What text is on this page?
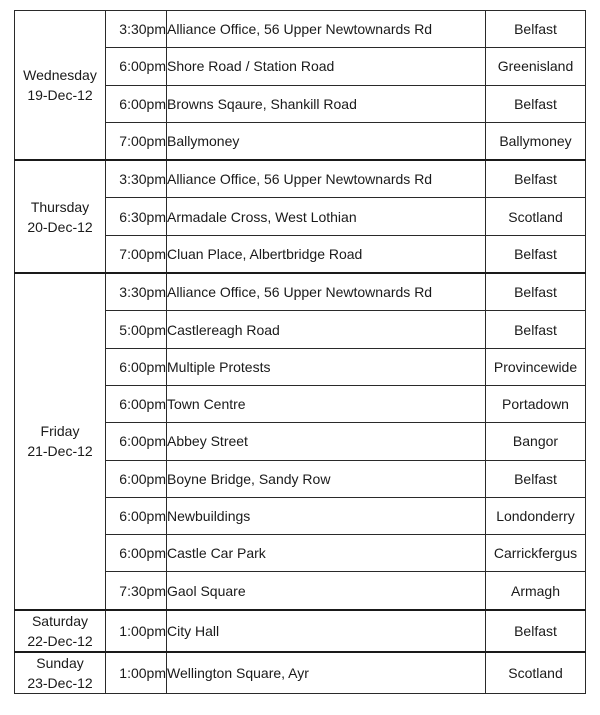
Wednesday
19-Dec-12	3:30pm	Alliance Office, 56 Upper Newtownards Rd	Belfast
	6:00pm	Shore Road / Station Road	Greenisland
	6:00pm	Browns Sqaure, Shankill Road	Belfast
	7:00pm	Ballymoney	Ballymoney

Thursday
20-Dec-12	3:30pm	Alliance Office, 56 Upper Newtownards Rd	Belfast
	6:30pm	Armadale Cross, West Lothian	Scotland
	7:00pm	Cluan Place, Albertbridge Road	Belfast

Friday
21-Dec-12	3:30pm	Alliance Office, 56 Upper Newtownards Rd	Belfast
	5:00pm	Castlereagh Road	Belfast
	6:00pm	Multiple Protests	Provincewide
	6:00pm	Town Centre	Portadown
	6:00pm	Abbey Street	Bangor
	6:00pm	Boyne Bridge, Sandy Row	Belfast
	6:00pm	Newbuildings	Londonderry
	6:00pm	Castle Car Park	Carrickfergus
	7:30pm	Gaol Square	Armagh

Saturday
22-Dec-12	1:00pm	City Hall	Belfast

Sunday
23-Dec-12	1:00pm	Wellington Square, Ayr	Scotland
